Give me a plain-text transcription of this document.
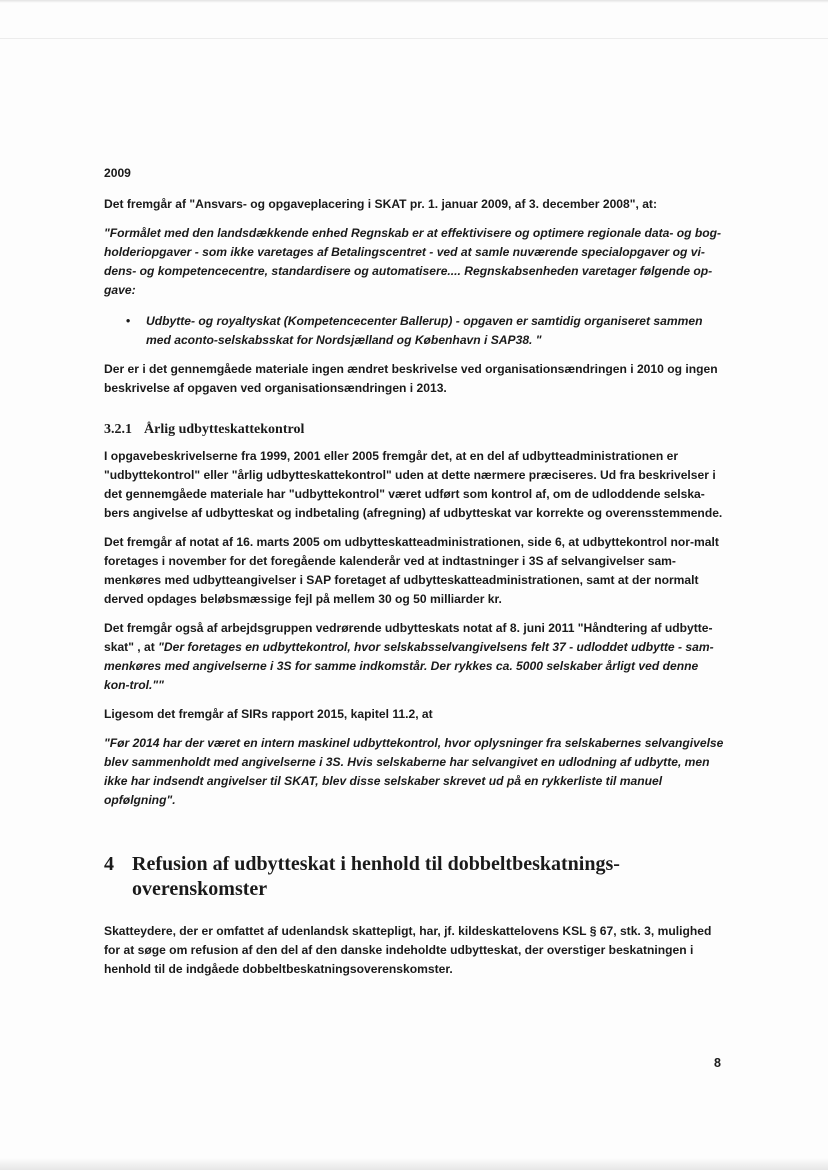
2009

Det fremgår af "Ansvars- og opgaveplacering i SKAT pr. 1. januar 2009, af 3. december 2008", at:

"Formålet med den landsdækkende enhed Regnskab er at effektivisere og optimere regionale data- og bog-holderiopgaver - som ikke varetages af Betalingscentret - ved at samle nuværende specialopgaver og vi-dens- og kompetencecentre, standardisere og automatisere.... Regnskabsenheden varetager følgende op-gave:

•	Udbytte- og royaltyskat (Kompetencecenter Ballerup) - opgaven er samtidig organiseret sammen med aconto-selskabsskat for Nordsjælland og København i SAP38. "

Der er i det gennemgåede materiale ingen ændret beskrivelse ved organisationsændringen i 2010 og ingen beskrivelse af opgaven ved organisationsændringen i 2013.

3.2.1 Årlig udbytteskattekontrol

I opgavebeskrivelserne fra 1999, 2001 eller 2005 fremgår det, at en del af udbytteadministrationen er "udbyttekontrol" eller "årlig udbytteskattekontrol" uden at dette nærmere præciseres. Ud fra beskrivelser i det gennemgåede materiale har "udbyttekontrol" været udført som kontrol af, om de udloddende selska-bers angivelse af udbytteskat og indbetaling (afregning) af udbytteskat var korrekte og overensstemmende.

Det fremgår af notat af 16. marts 2005 om udbytteskatteadministrationen, side 6, at udbyttekontrol nor-malt foretages i november for det foregående kalenderår ved at indtastninger i 3S af selvangivelser sam-menkøres med udbytteangivelser i SAP foretaget af udbytteskatteadministrationen, samt at der normalt derved opdages beløbsmæssige fejl på mellem 30 og 50 milliarder kr.

Det fremgår også af arbejdsgruppen vedrørende udbytteskats notat af 8. juni 2011 "Håndtering af udbytte-skat" , at "Der foretages en udbyttekontrol, hvor selskabsselvangivelsens felt 37 - udloddet udbytte - sam-menkøres med angivelserne i 3S for samme indkomstår. Der rykkes ca. 5000 selskaber årligt ved denne kon-trol.""

Ligesom det fremgår af SIRs rapport 2015, kapitel 11.2, at

"Før 2014 har der været en intern maskinel udbyttekontrol, hvor oplysninger fra selskabernes selvangivelse blev sammenholdt med angivelserne i 3S. Hvis selskaberne har selvangivet en udlodning af udbytte, men ikke har indsendt angivelser til SKAT, blev disse selskaber skrevet ud på en rykkerliste til manuel opfølgning".

4 Refusion af udbytteskat i henhold til dobbeltbeskatnings-overenskomster

Skatteydere, der er omfattet af udenlandsk skattepligt, har, jf. kildeskattelovens KSL § 67, stk. 3, mulighed for at søge om refusion af den del af den danske indeholdte udbytteskat, der overstiger beskatningen i henhold til de indgåede dobbeltbeskatningsoverenskomster.

8
